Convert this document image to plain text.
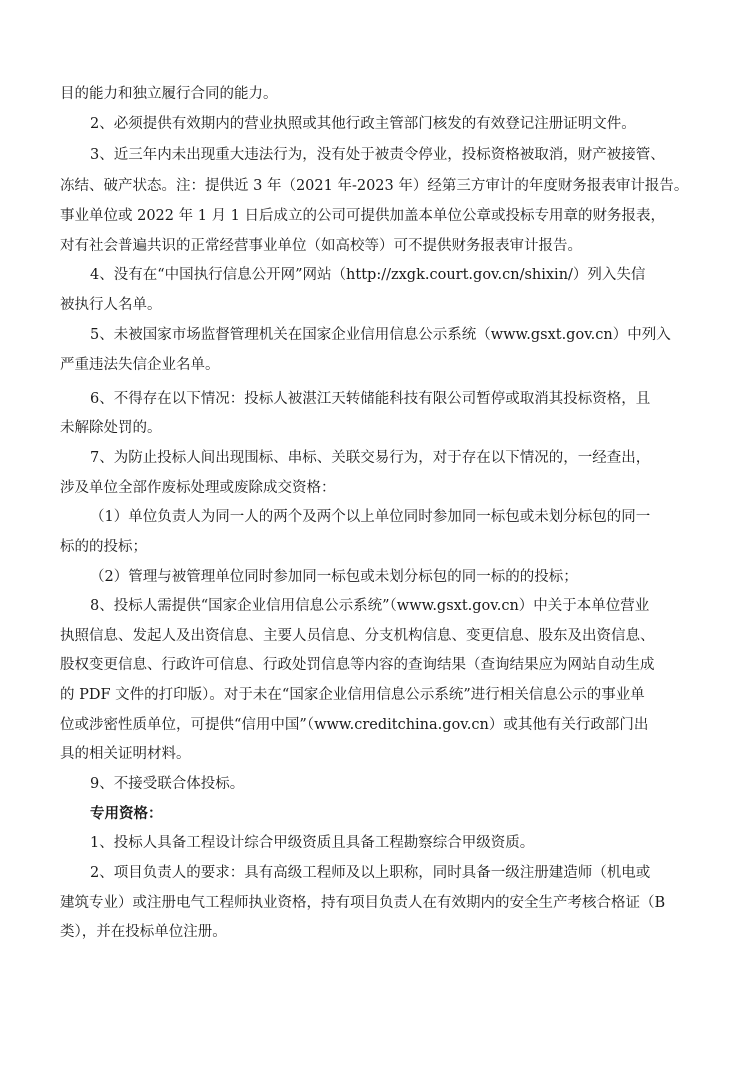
目的能力和独立履行合同的能力。
2、必须提供有效期内的营业执照或其他行政主管部门核发的有效登记注册证明文件。
3、近三年内未出现重大违法行为，没有处于被责令停业，投标资格被取消，财产被接管、
冻结、破产状态。注：提供近 3 年（2021 年-2023 年）经第三方审计的年度财务报表审计报告。
事业单位或 2022 年 1 月 1 日后成立的公司可提供加盖本单位公章或投标专用章的财务报表，
对有社会普遍共识的正常经营事业单位（如高校等）可不提供财务报表审计报告。
4、没有在“中国执行信息公开网”网站（http://zxgk.court.gov.cn/shixin/）列入失信
被执行人名单。
5、未被国家市场监督管理机关在国家企业信用信息公示系统（www.gsxt.gov.cn）中列入
严重违法失信企业名单。
6、不得存在以下情况：投标人被湛江天转储能科技有限公司暂停或取消其投标资格，且
未解除处罚的。
7、为防止投标人间出现围标、串标、关联交易行为，对于存在以下情况的，一经查出，
涉及单位全部作废标处理或废除成交资格：
（1）单位负责人为同一人的两个及两个以上单位同时参加同一标包或未划分标包的同一
标的的投标；
（2）管理与被管理单位同时参加同一标包或未划分标包的同一标的的投标；
8、投标人需提供“国家企业信用信息公示系统”（www.gsxt.gov.cn）中关于本单位营业
执照信息、发起人及出资信息、主要人员信息、分支机构信息、变更信息、股东及出资信息、
股权变更信息、行政许可信息、行政处罚信息等内容的查询结果（查询结果应为网站自动生成
的 PDF 文件的打印版）。对于未在“国家企业信用信息公示系统”进行相关信息公示的事业单
位或涉密性质单位，可提供“信用中国”（www.creditchina.gov.cn）或其他有关行政部门出
具的相关证明材料。
9、不接受联合体投标。
专用资格：
1、投标人具备工程设计综合甲级资质且具备工程勘察综合甲级资质。
2、项目负责人的要求：具有高级工程师及以上职称，同时具备一级注册建造师（机电或
建筑专业）或注册电气工程师执业资格，持有项目负责人在有效期内的安全生产考核合格证（B
类），并在投标单位注册。
